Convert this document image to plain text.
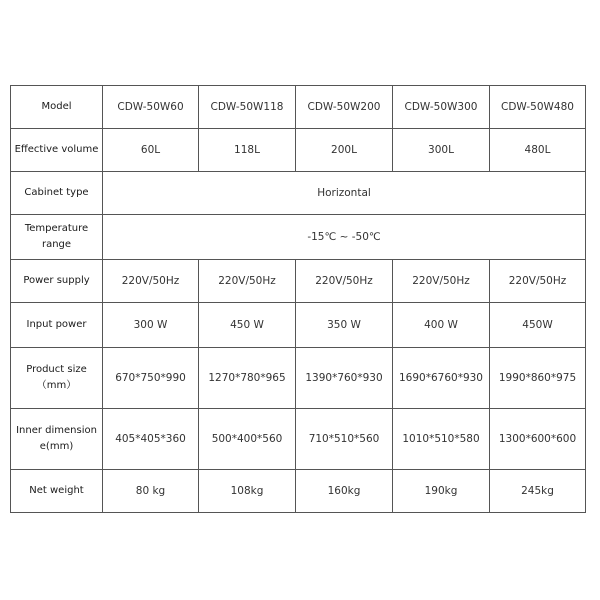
Model	CDW-50W60	CDW-50W118	CDW-50W200	CDW-50W300	CDW-50W480
Effective volume	60L	118L	200L	300L	480L
Cabinet type	Horizontal				

Temperature
range	-15℃ ~ -50℃				
Power supply	220V/50Hz	220V/50Hz	220V/50Hz	220V/50Hz	220V/50Hz
Input power	300 W	450 W	350 W	400 W	450W

Product size
（mm）	670*750*990	1270*780*965	1390*760*930	1690*6760*930	1990*860*975

Inner dimension
e(mm)	405*405*360	500*400*560	710*510*560	1010*510*580	1300*600*600
Net weight	80 kg	108kg	160kg	190kg	245kg
